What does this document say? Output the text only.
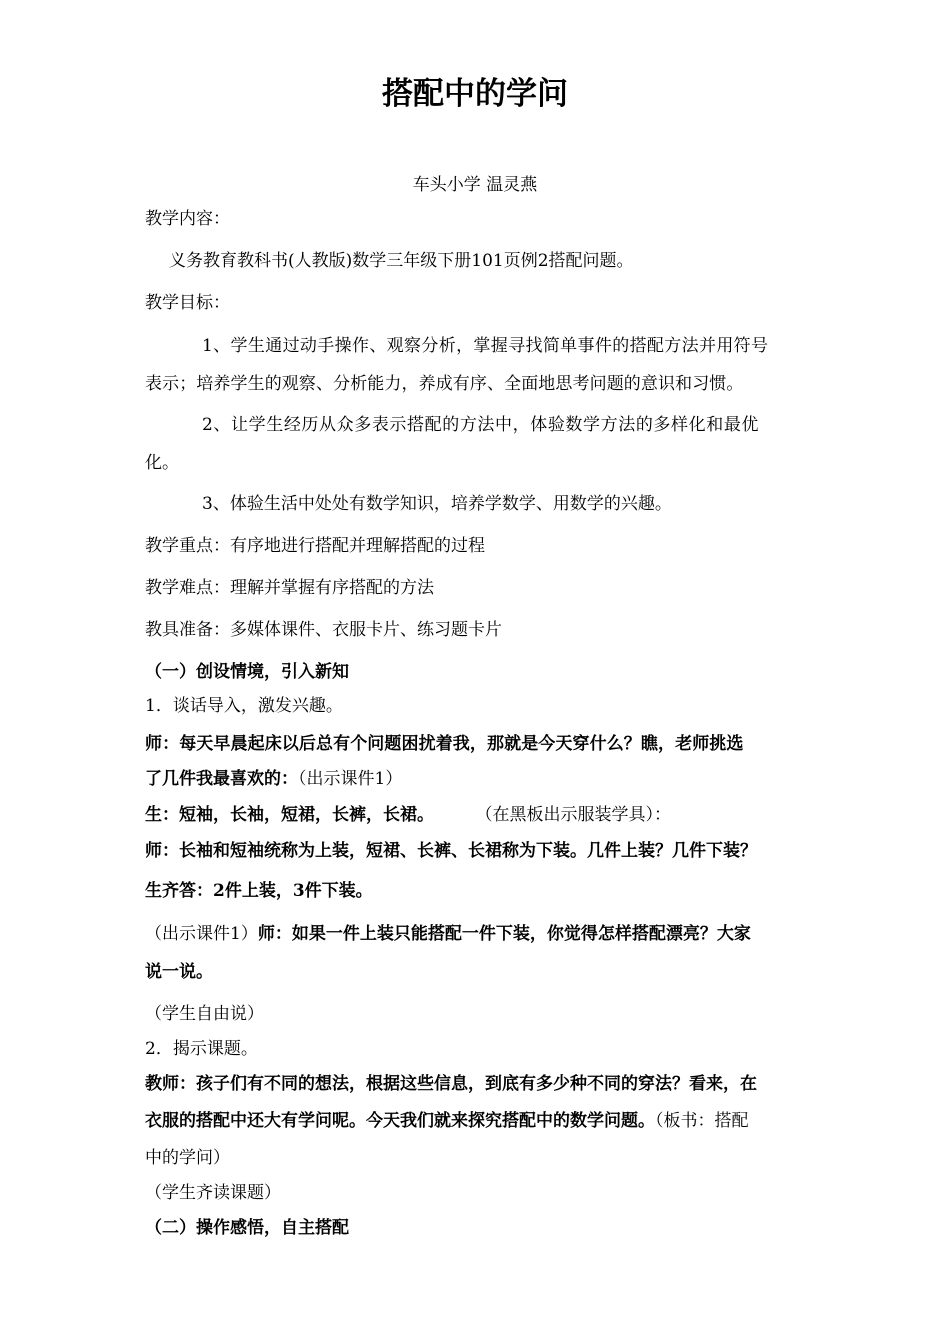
搭配中的学问
车头小学 温灵燕
教学内容：
义务教育教科书(人教版)数学三年级下册101页例2搭配问题。
教学目标：
1、学生通过动手操作、观察分析，掌握寻找简单事件的搭配方法并用符号
表示；培养学生的观察、分析能力，养成有序、全面地思考问题的意识和习惯。
2、让学生经历从众多表示搭配的方法中，体验数学方法的多样化和最优
化。
3、体验生活中处处有数学知识，培养学数学、用数学的兴趣。
教学重点：有序地进行搭配并理解搭配的过程
教学难点：理解并掌握有序搭配的方法
教具准备：多媒体课件、衣服卡片、练习题卡片
（一）创设情境，引入新知
1．谈话导入，激发兴趣。
师：每天早晨起床以后总有个问题困扰着我，那就是今天穿什么？瞧，老师挑选
了几件我最喜欢的：（出示课件1）
生：短袖，长袖，短裙，长裤，长裙。	（在黑板出示服装学具）：
师：长袖和短袖统称为上装，短裙、长裤、长裙称为下装。几件上装？几件下装？
生齐答：2件上装，3件下装。
（出示课件1）师：如果一件上装只能搭配一件下装，你觉得怎样搭配漂亮？大家
说一说。
（学生自由说）
2．揭示课题。
教师：孩子们有不同的想法，根据这些信息，到底有多少种不同的穿法？看来，在
衣服的搭配中还大有学问呢。今天我们就来探究搭配中的数学问题。（板书：搭配
中的学问）
（学生齐读课题）
（二）操作感悟，自主搭配
